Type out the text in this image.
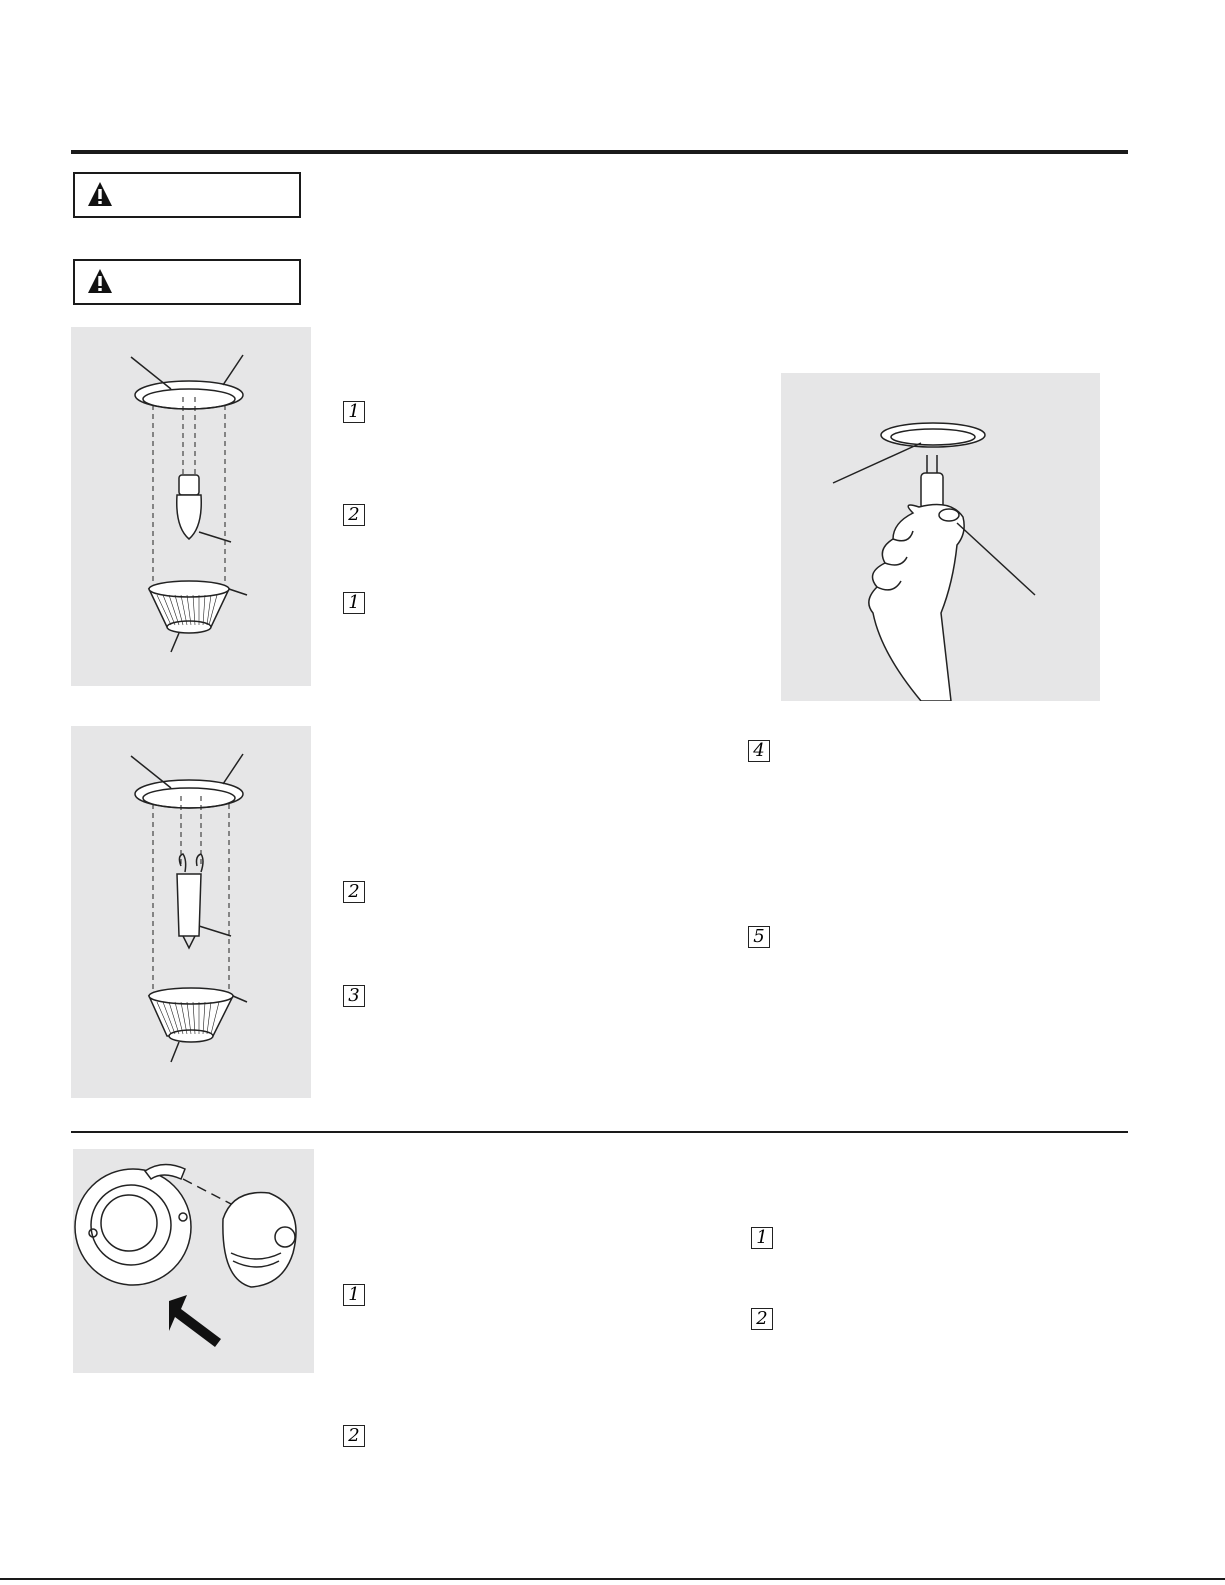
1
2
1
2
3
4
5
1
2
1
2
